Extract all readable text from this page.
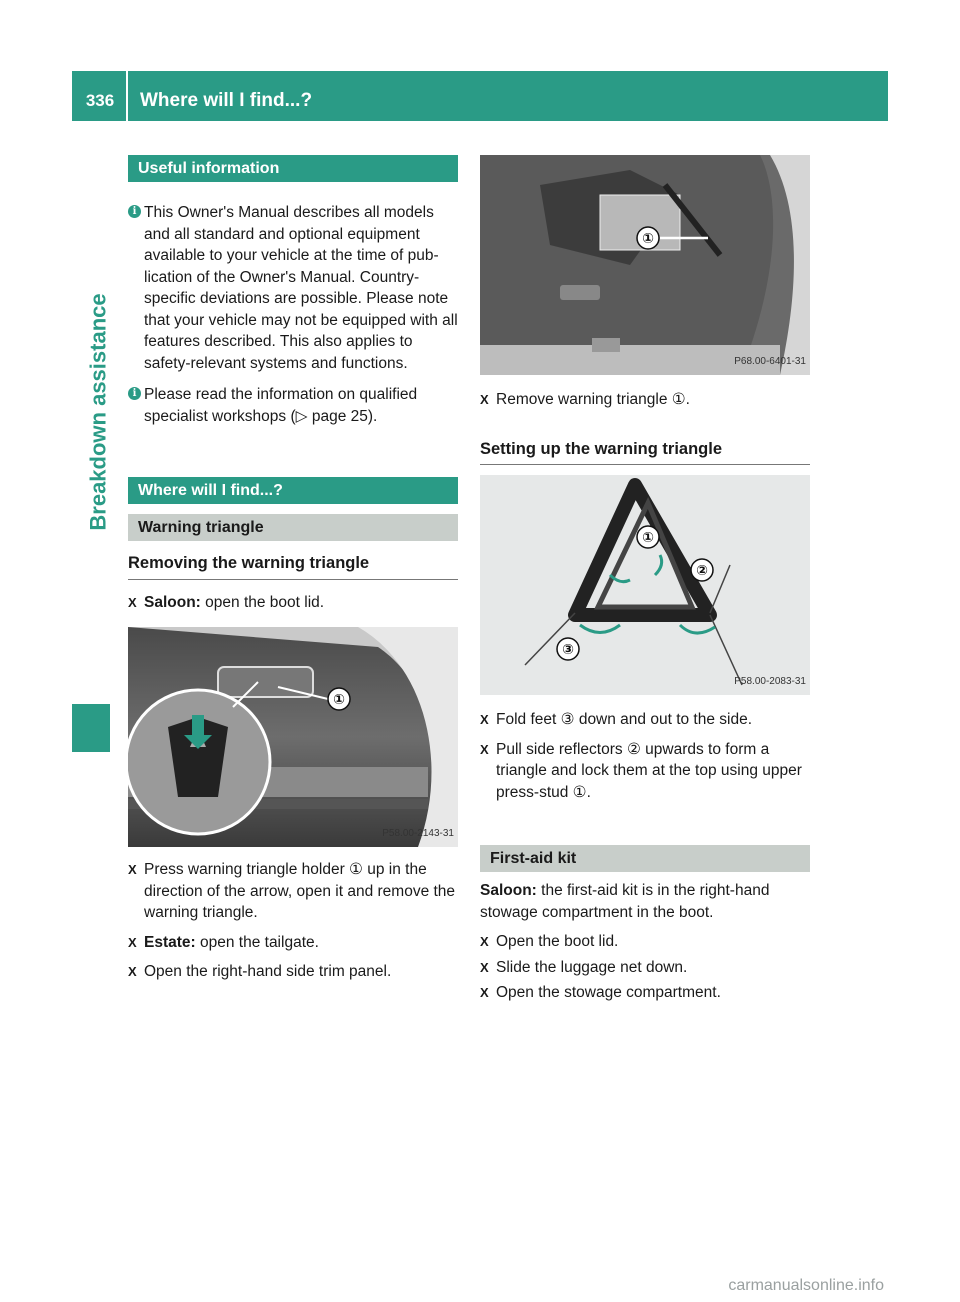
336	Where will I find...?
Breakdown assistance
Useful information
i This Owner's Manual describes all models and all standard and optional equipment available to your vehicle at the time of pub-lication of the Owner's Manual. Country-specific deviations are possible. Please note that your vehicle may not be equipped with all features described. This also applies to safety-relevant systems and functions.
i Please read the information on qualified specialist workshops (▷ page 25).
Where will I find...?
Warning triangle
Removing the warning triangle
X Saloon: open the boot lid.
①
P58.00-2143-31
X Press warning triangle holder ① up in the direction of the arrow, open it and remove the warning triangle.
X Estate: open the tailgate.
X Open the right-hand side trim panel.
①
P68.00-6401-31
X Remove warning triangle ①.
Setting up the warning triangle
①
②
③
P58.00-2083-31
X Fold feet ③ down and out to the side.
X Pull side reflectors ② upwards to form a triangle and lock them at the top using upper press-stud ①.
First-aid kit

Saloon: the first-aid kit is in the right-hand stowage compartment in the boot.

X Open the boot lid.
X Slide the luggage net down.
X Open the stowage compartment.
carmanualsonline.info
